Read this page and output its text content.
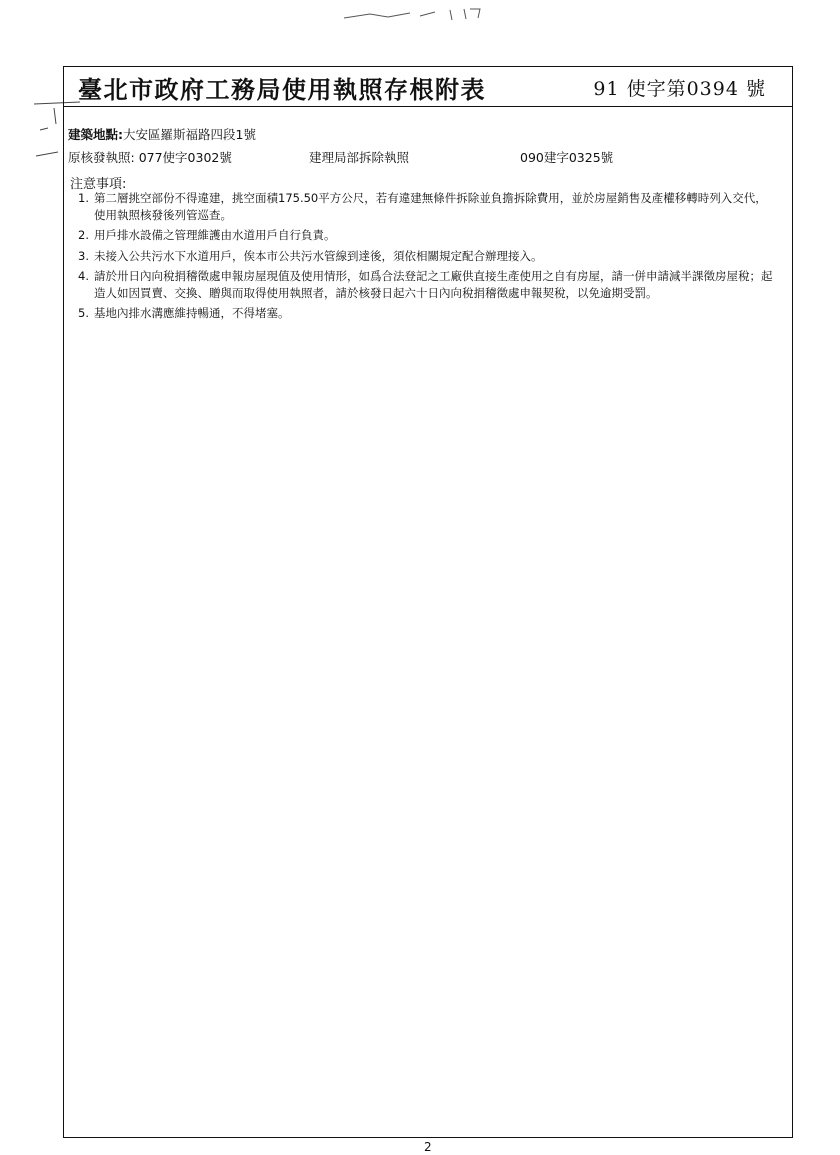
臺北市政府工務局使用執照存根附表	91 使字第0394 號
建築地點:大安區羅斯福路四段1號
原核發執照: 077使字0302號	建理局部拆除執照	090建字0325號
注意事項:
1. 第二層挑空部份不得違建，挑空面積175.50平方公尺，若有違建無條件拆除並負擔拆除費用，並於房屋銷售及產權移轉時列入交代，使用執照核發後列管巡查。
2. 用戶排水設備之管理維護由水道用戶自行負責。
3. 未接入公共污水下水道用戶，俟本市公共污水管線到達後，須依相關規定配合辦理接入。
4. 請於卅日內向稅捐稽徵處申報房屋現值及使用情形，如爲合法登記之工廠供直接生產使用之自有房屋，請一併申請減半課徵房屋稅；起造人如因買賣、交換、贈與而取得使用執照者，請於核發日起六十日內向稅捐稽徵處申報契稅，以免逾期受罰。
5. 基地內排水溝應維持暢通，不得堵塞。
2
